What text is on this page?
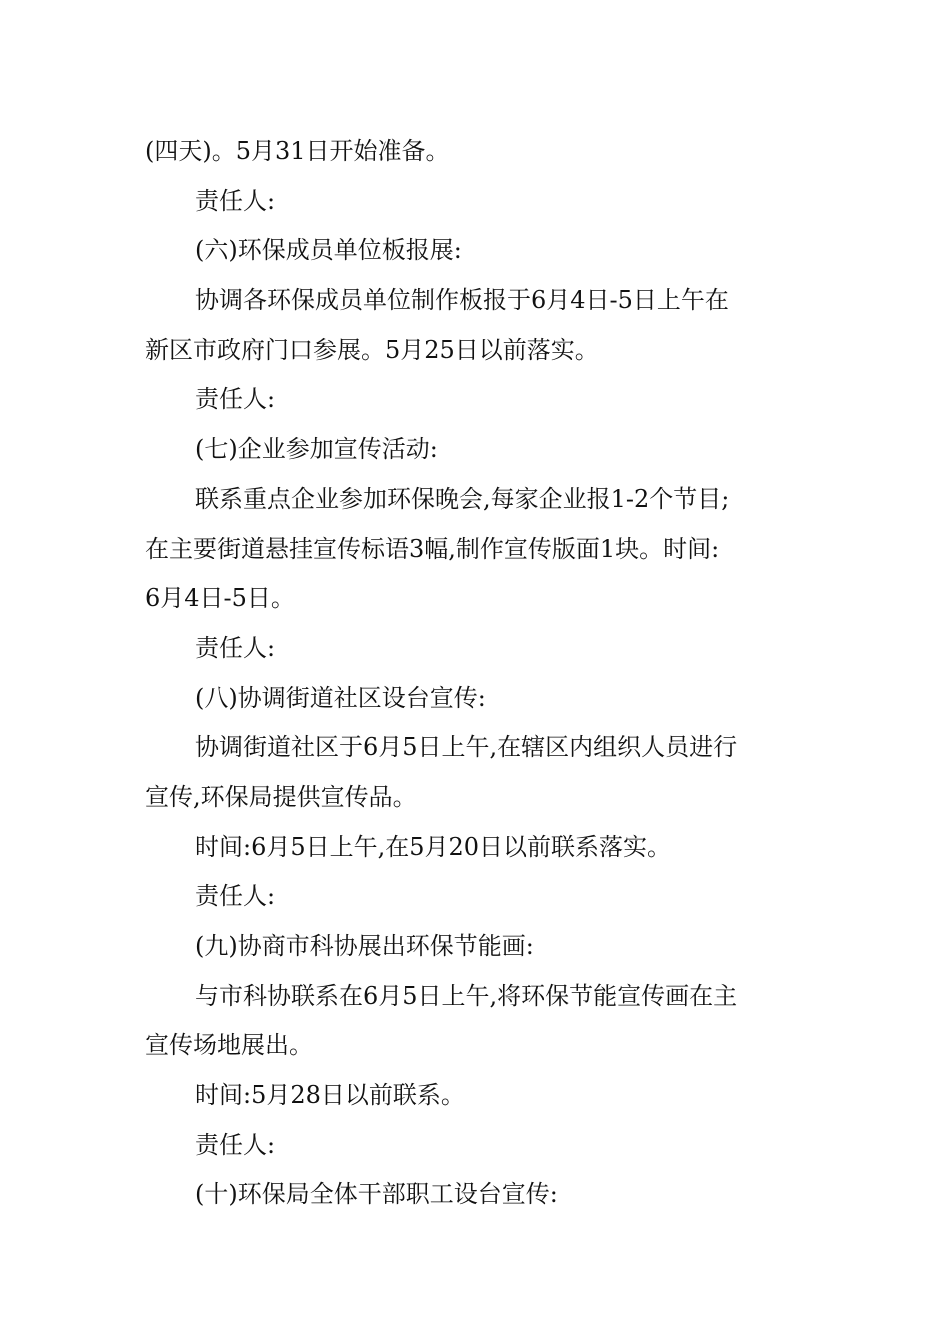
(四天)。5月31日开始准备。
责任人:
(六)环保成员单位板报展:
协调各环保成员单位制作板报于6月4日-5日上午在
新区市政府门口参展。5月25日以前落实。
责任人:
(七)企业参加宣传活动:
联系重点企业参加环保晚会,每家企业报1-2个节目;
在主要街道悬挂宣传标语3幅,制作宣传版面1块。时间:
6月4日-5日。
责任人:
(八)协调街道社区设台宣传:
协调街道社区于6月5日上午,在辖区内组织人员进行
宣传,环保局提供宣传品。
时间:6月5日上午,在5月20日以前联系落实。
责任人:
(九)协商市科协展出环保节能画:
与市科协联系在6月5日上午,将环保节能宣传画在主
宣传场地展出。
时间:5月28日以前联系。
责任人:
(十)环保局全体干部职工设台宣传:
